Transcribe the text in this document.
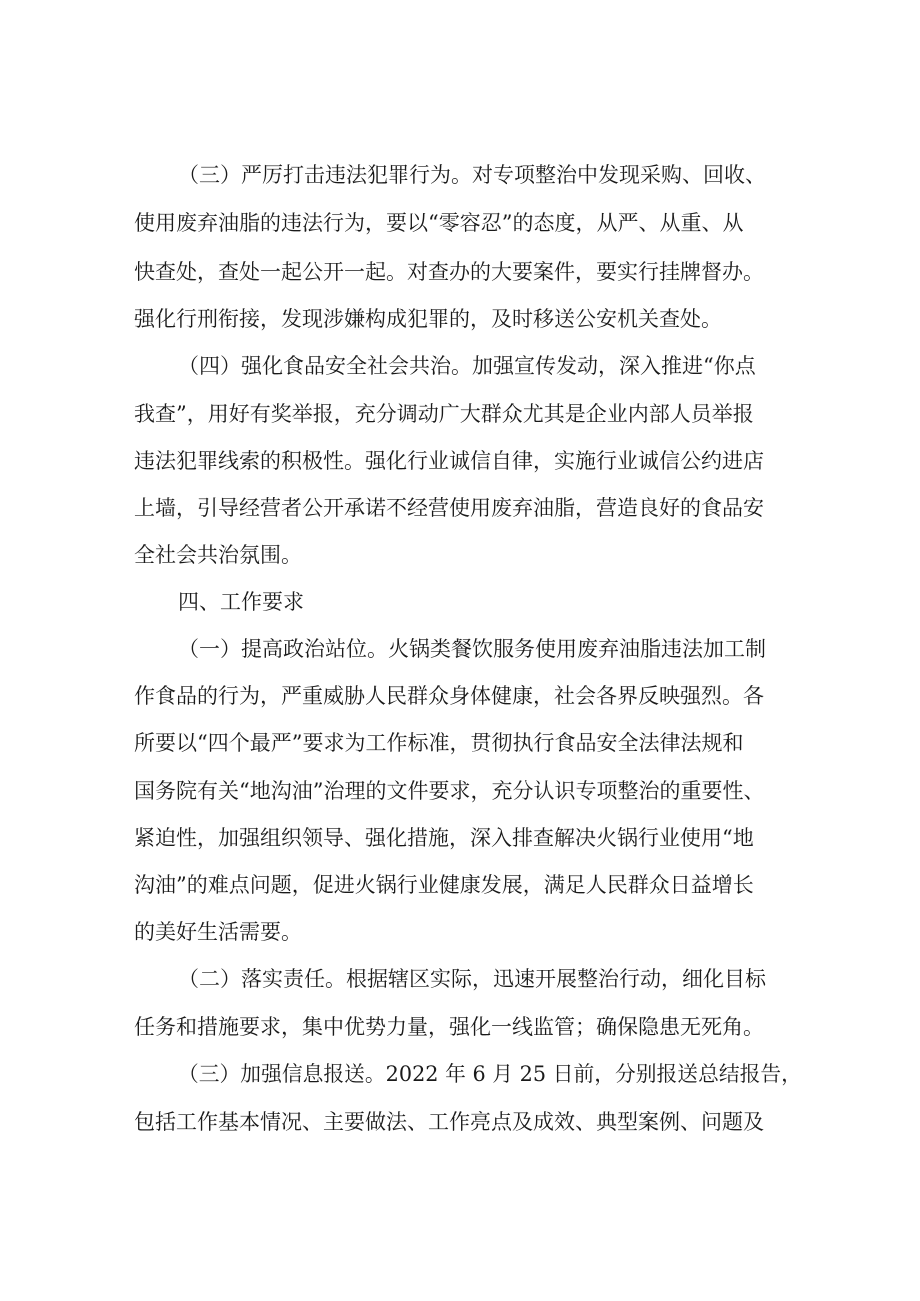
（三）严厉打击违法犯罪行为。对专项整治中发现采购、回收、

使用废弃油脂的违法行为，要以“零容忍”的态度，从严、从重、从

快查处，查处一起公开一起。对查办的大要案件，要实行挂牌督办。

强化行刑衔接，发现涉嫌构成犯罪的，及时移送公安机关查处。

（四）强化食品安全社会共治。加强宣传发动，深入推进“你点

我查”，用好有奖举报，充分调动广大群众尤其是企业内部人员举报

违法犯罪线索的积极性。强化行业诚信自律，实施行业诚信公约进店

上墙，引导经营者公开承诺不经营使用废弃油脂，营造良好的食品安

全社会共治氛围。

四、工作要求

（一）提高政治站位。火锅类餐饮服务使用废弃油脂违法加工制

作食品的行为，严重威胁人民群众身体健康，社会各界反映强烈。各

所要以“四个最严”要求为工作标准，贯彻执行食品安全法律法规和

国务院有关“地沟油”治理的文件要求，充分认识专项整治的重要性、

紧迫性，加强组织领导、强化措施，深入排查解决火锅行业使用“地

沟油”的难点问题，促进火锅行业健康发展，满足人民群众日益增长

的美好生活需要。

（二）落实责任。根据辖区实际，迅速开展整治行动，细化目标

任务和措施要求，集中优势力量，强化一线监管；确保隐患无死角。

（三）加强信息报送。2022 年 6 月 25 日前，分别报送总结报告，

包括工作基本情况、主要做法、工作亮点及成效、典型案例、问题及
